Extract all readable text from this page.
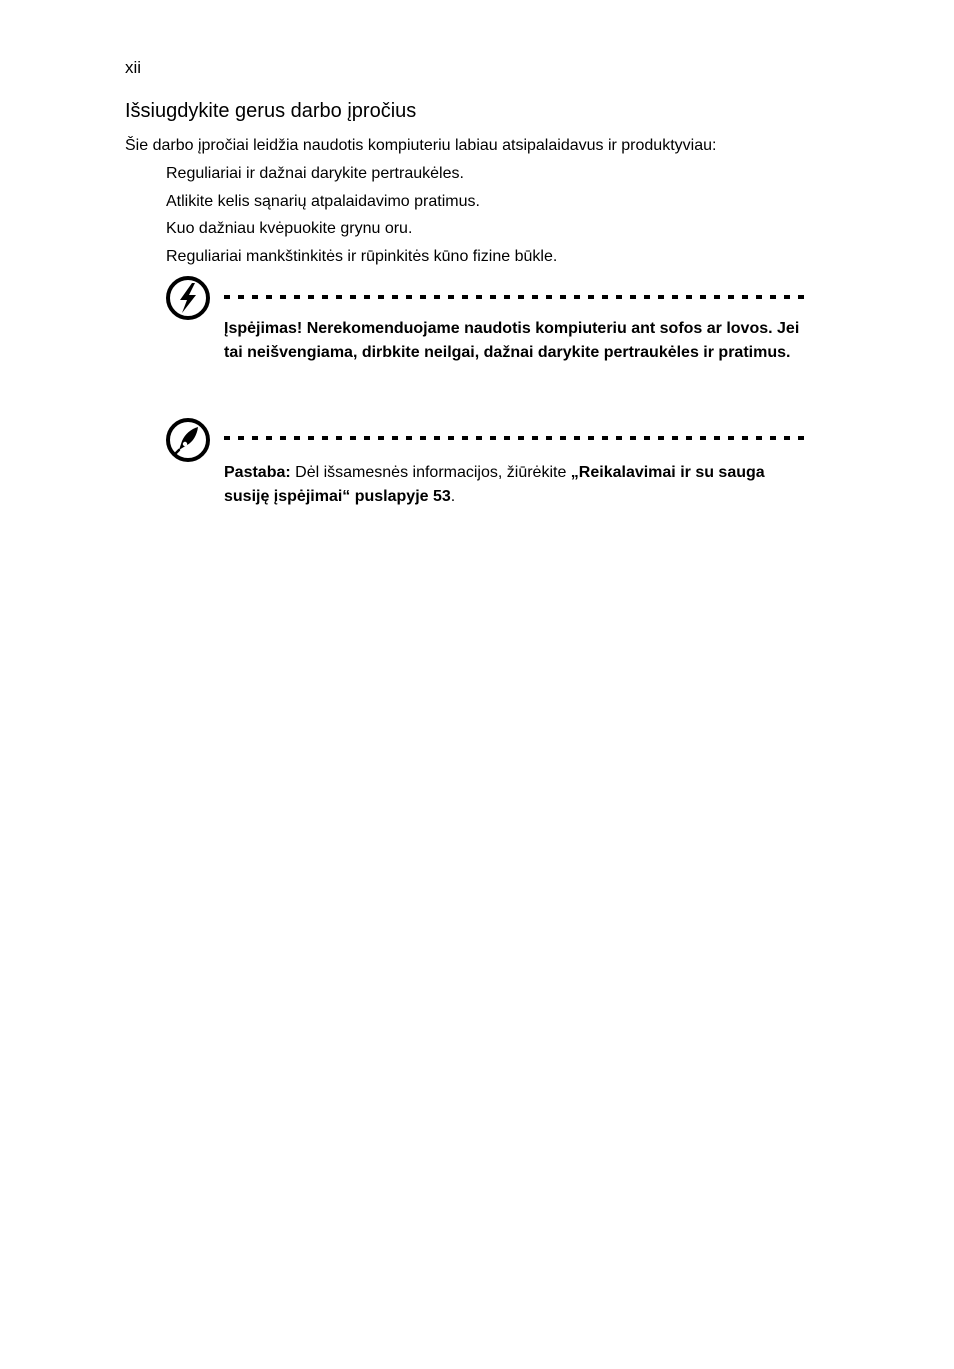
xii
Išsiugdykite gerus darbo įpročius

Šie darbo įpročiai leidžia naudotis kompiuteriu labiau atsipalaidavus ir produktyviau:

Reguliariai ir dažnai darykite pertraukėles.
Atlikite kelis sąnarių atpalaidavimo pratimus.
Kuo dažniau kvėpuokite grynu oru.
Reguliariai mankštinkitės ir rūpinkitės kūno fizine būkle.

Įspėjimas! Nerekomenduojame naudotis kompiuteriu ant sofos ar lovos. Jei tai neišvengiama, dirbkite neilgai, dažnai darykite pertraukėles ir pratimus.

Pastaba: Dėl išsamesnės informacijos, žiūrėkite „Reikalavimai ir su sauga susiję įspėjimai“ puslapyje 53.
